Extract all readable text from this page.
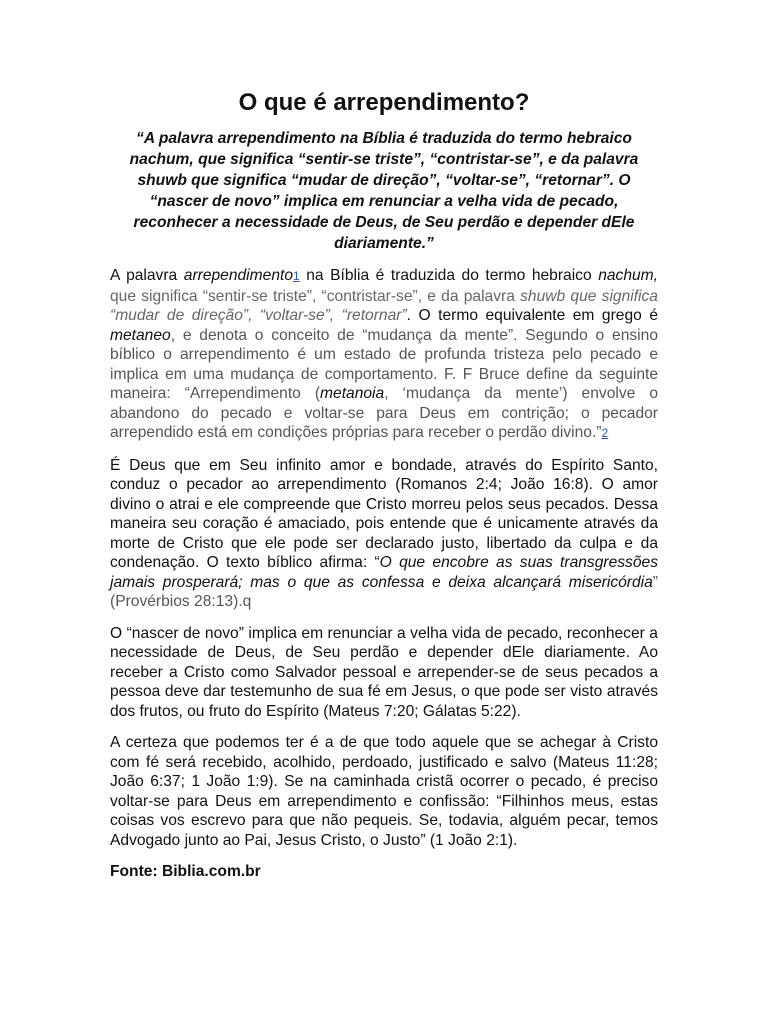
O que é arrependimento?

“A palavra arrependimento na Bíblia é traduzida do termo hebraico nachum, que significa “sentir-se triste”, “contristar-se”, e da palavra shuwb que significa “mudar de direção”, “voltar-se”, “retornar”. O “nascer de novo” implica em renunciar a velha vida de pecado, reconhecer a necessidade de Deus, de Seu perdão e depender dEle diariamente.”

A palavra arrependimento1 na Bíblia é traduzida do termo hebraico nachum, que significa “sentir-se triste”, “contristar-se”, e da palavra shuwb que significa “mudar de direção”, “voltar-se”, “retornar”. O termo equivalente em grego é metaneo, e denota o conceito de “mudança da mente”. Segundo o ensino bíblico o arrependimento é um estado de profunda tristeza pelo pecado e implica em uma mudança de comportamento. F. F Bruce define da seguinte maneira: “Arrependimento (metanoia, ‘mudança da mente’) envolve o abandono do pecado e voltar-se para Deus em contrição; o pecador arrependido está em condições próprias para receber o perdão divino.”2

É Deus que em Seu infinito amor e bondade, através do Espírito Santo, conduz o pecador ao arrependimento (Romanos 2:4; João 16:8). O amor divino o atrai e ele compreende que Cristo morreu pelos seus pecados. Dessa maneira seu coração é amaciado, pois entende que é unicamente através da morte de Cristo que ele pode ser declarado justo, libertado da culpa e da condenação. O texto bíblico afirma: “O que encobre as suas transgressões jamais prosperará; mas o que as confessa e deixa alcançará misericórdia” (Provérbios 28:13).q

O “nascer de novo” implica em renunciar a velha vida de pecado, reconhecer a necessidade de Deus, de Seu perdão e depender dEle diariamente. Ao receber a Cristo como Salvador pessoal e arrepender-se de seus pecados a pessoa deve dar testemunho de sua fé em Jesus, o que pode ser visto através dos frutos, ou fruto do Espírito (Mateus 7:20; Gálatas 5:22).

A certeza que podemos ter é a de que todo aquele que se achegar à Cristo com fé será recebido, acolhido, perdoado, justificado e salvo (Mateus 11:28; João 6:37; 1 João 1:9). Se na caminhada cristã ocorrer o pecado, é preciso voltar-se para Deus em arrependimento e confissão: “Filhinhos meus, estas coisas vos escrevo para que não pequeis. Se, todavia, alguém pecar, temos Advogado junto ao Pai, Jesus Cristo, o Justo” (1 João 2:1).

Fonte: Biblia.com.br
